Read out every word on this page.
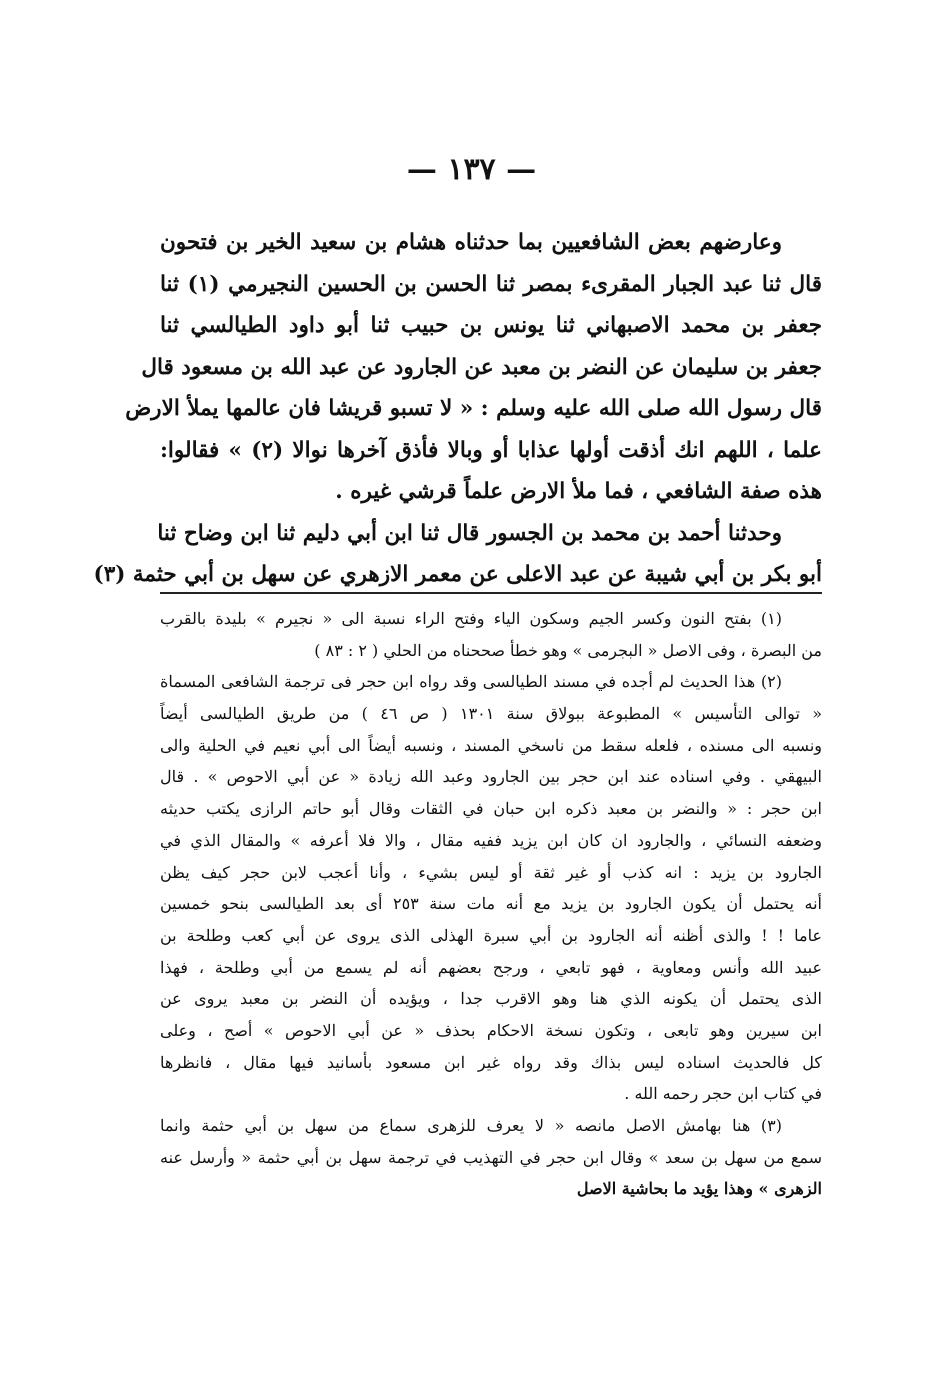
— ١٣٧ —
وعارضهم بعض الشافعيين بما حدثناه هشام بن سعيد الخير بن فتحون
قال ثنا عبد الجبار المقرىء بمصر ثنا الحسن بن الحسين النجيرمي (١) ثنا
جعفر بن محمد الاصبهاني ثنا يونس بن حبيب ثنا أبو داود الطيالسي ثنا
جعفر بن سليمان عن النضر بن معبد عن الجارود عن عبد الله بن مسعود قال
قال رسول الله صلى الله عليه وسلم : « لا تسبو قريشا فان عالمها يملأ الارض
علما ، اللهم انك أذقت أولها عذابا أو وبالا فأذق آخرها نوالا (٢) » فقالوا:
هذه صفة الشافعي ، فما ملأ الارض علماً قرشي غيره .
وحدثنا أحمد بن محمد بن الجسور قال ثنا ابن أبي دليم ثنا ابن وضاح ثنا
أبو بكر بن أبي شيبة عن عبد الاعلى عن معمر الازهري عن سهل بن أبي حثمة (٣)
(١) بفتح النون وكسر الجيم وسكون الياء وفتح الراء نسبة الى « نجيرم » بليدة بالقرب
من البصرة ، وفى الاصل « البجرمى » وهو خطأ صححناه من الحلي ( ٢ : ٨٣ )
(٢) هذا الحديث لم أجده في مسند الطيالسى وقد رواه ابن حجر فى ترجمة الشافعى المسماة
« توالى التأسيس » المطبوعة ببولاق سنة ١٣٠١ ( ص ٤٦ ) من طريق الطيالسى أيضاً
ونسبه الى مسنده ، فلعله سقط من ناسخي المسند ، ونسبه أيضاً الى أبي نعيم في الحلية والى
البيهقي . وفي اسناده عند ابن حجر بين الجارود وعبد الله زيادة « عن أبي الاحوص » . قال
ابن حجر : « والنضر بن معبد ذكره ابن حبان في الثقات وقال أبو حاتم الرازى يكتب حديثه
وضعفه النسائي ، والجارود ان كان ابن يزيد ففيه مقال ، والا فلا أعرفه » والمقال الذي في
الجارود بن يزيد : انه كذب أو غير ثقة أو ليس بشيء ، وأنا أعجب لابن حجر كيف يظن
أنه يحتمل أن يكون الجارود بن يزيد مع أنه مات سنة ٢٥٣ أى بعد الطيالسى بنحو خمسين
عاما ! ! والذى أظنه أنه الجارود بن أبي سبرة الهذلى الذى يروى عن أبي كعب وطلحة بن
عبيد الله وأنس ومعاوية ، فهو تابعي ، ورجح بعضهم أنه لم يسمع من أبي وطلحة ، فهذا
الذى يحتمل أن يكونه الذي هنا وهو الاقرب جدا ، ويؤيده أن النضر بن معبد يروى عن
ابن سيرين وهو تابعى ، وتكون نسخة الاحكام بحذف « عن أبي الاحوص » أصح ، وعلى
كل فالحديث اسناده ليس بذاك وقد رواه غير ابن مسعود بأسانيد فيها مقال ، فانظرها
في كتاب ابن حجر رحمه الله .
(٣) هنا بهامش الاصل مانصه « لا يعرف للزهرى سماع من سهل بن أبي حثمة وانما
سمع من سهل بن سعد » وقال ابن حجر في التهذيب في ترجمة سهل بن أبي حثمة « وأرسل عنه
الزهرى » وهذا يؤيد ما بحاشية الاصل
